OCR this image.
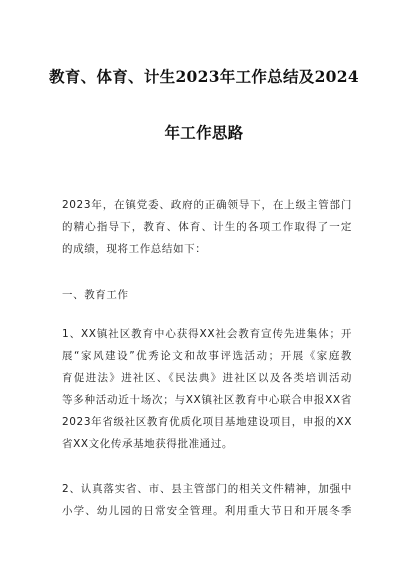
教育、体育、计生2023年工作总结及2024
年工作思路
2023年，在镇党委、政府的正确领导下，在上级主管部门
的精心指导下，教育、体育、计生的各项工作取得了一定
的成绩，现将工作总结如下：
一、教育工作
1、XX镇社区教育中心获得XX社会教育宣传先进集体；开
展“家风建设”优秀论文和故事评选活动；开展《家庭教
育促进法》进社区、《民法典》进社区以及各类培训活动
等多种活动近十场次；与XX镇社区教育中心联合申报XX省
2023年省级社区教育优质化项目基地建设项目，申报的XX
省XX文化传承基地获得批准通过。
2、认真落实省、市、县主管部门的相关文件精神，加强中
小学、幼儿园的日常安全管理。利用重大节日和开展冬季
